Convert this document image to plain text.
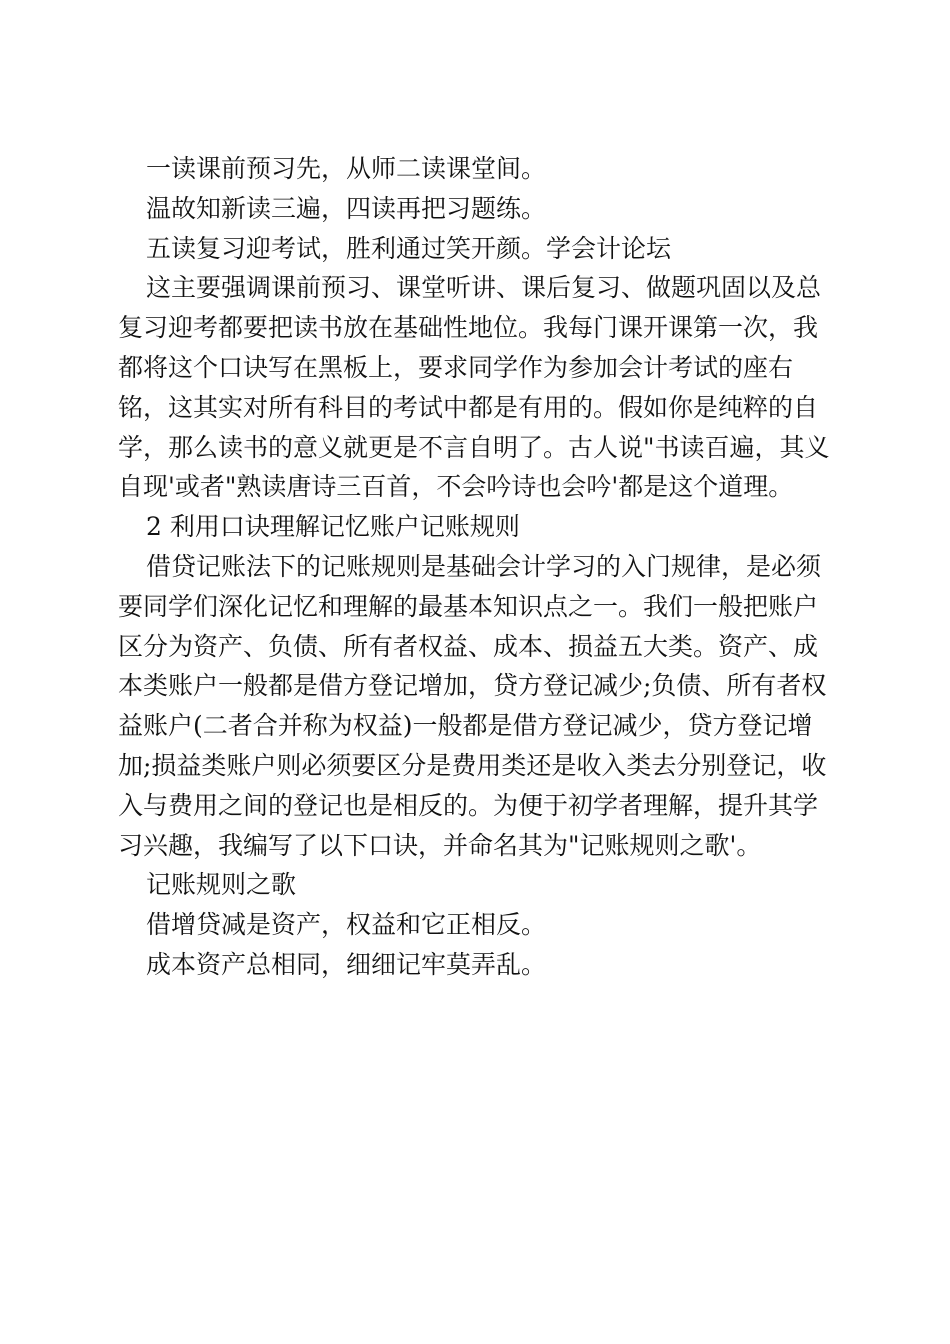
一读课前预习先，从师二读课堂间。

温故知新读三遍，四读再把习题练。

五读复习迎考试，胜利通过笑开颜。学会计论坛

这主要强调课前预习、课堂听讲、课后复习、做题巩固以及总复习迎考都要把读书放在基础性地位。我每门课开课第一次，我都将这个口诀写在黑板上，要求同学作为参加会计考试的座右铭，这其实对所有科目的考试中都是有用的。假如你是纯粹的自学，那么读书的意义就更是不言自明了。古人说"书读百遍，其义自现'或者"熟读唐诗三百首，不会吟诗也会吟'都是这个道理。

2 利用口诀理解记忆账户记账规则

借贷记账法下的记账规则是基础会计学习的入门规律，是必须要同学们深化记忆和理解的最基本知识点之一。我们一般把账户区分为资产、负债、所有者权益、成本、损益五大类。资产、成本类账户一般都是借方登记增加，贷方登记减少;负债、所有者权益账户(二者合并称为权益)一般都是借方登记减少，贷方登记增加;损益类账户则必须要区分是费用类还是收入类去分别登记，收入与费用之间的登记也是相反的。为便于初学者理解，提升其学习兴趣，我编写了以下口诀，并命名其为"记账规则之歌'。

记账规则之歌

借增贷减是资产，权益和它正相反。

成本资产总相同，细细记牢莫弄乱。
